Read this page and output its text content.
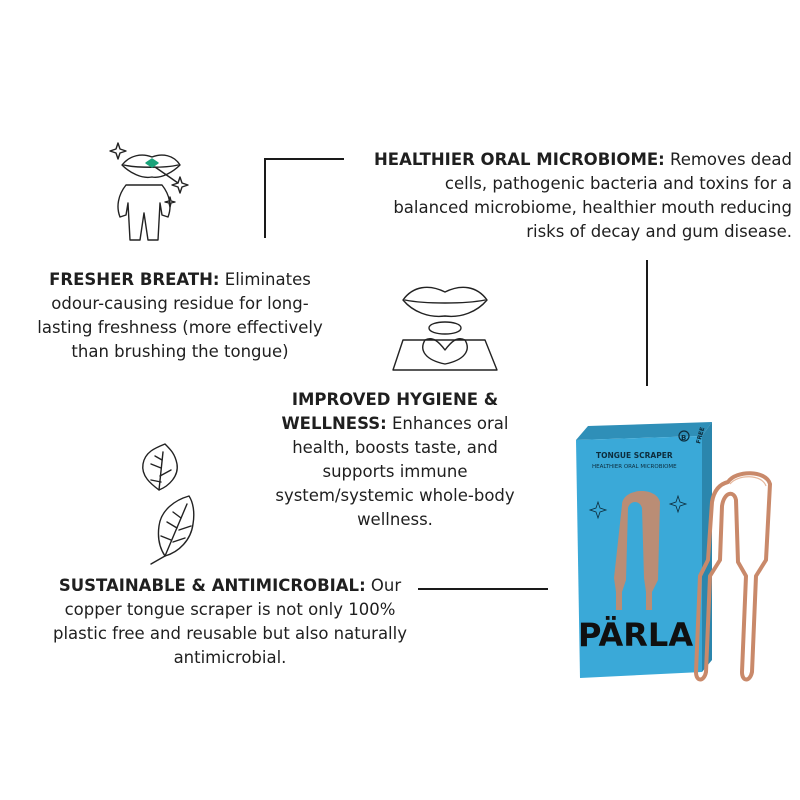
HEALTHIER ORAL MICROBIOME: Removes dead
cells, pathogenic bacteria and toxins for a
balanced microbiome, healthier mouth reducing
risks of decay and gum disease.

FRESHER BREATH: Eliminates
odour-causing residue for long-
lasting freshness (more effectively
than brushing the tongue)

IMPROVED HYGIENE &
WELLNESS: Enhances oral
health, boosts taste, and
supports immune
system/systemic whole-body
wellness.

SUSTAINABLE & ANTIMICROBIAL: Our
copper tongue scraper is not only 100%
plastic free and reusable but also naturally
antimicrobial.

B FREE
TONGUE SCRAPER
HEALTHIER ORAL MICROBIOME
PÄRLA
